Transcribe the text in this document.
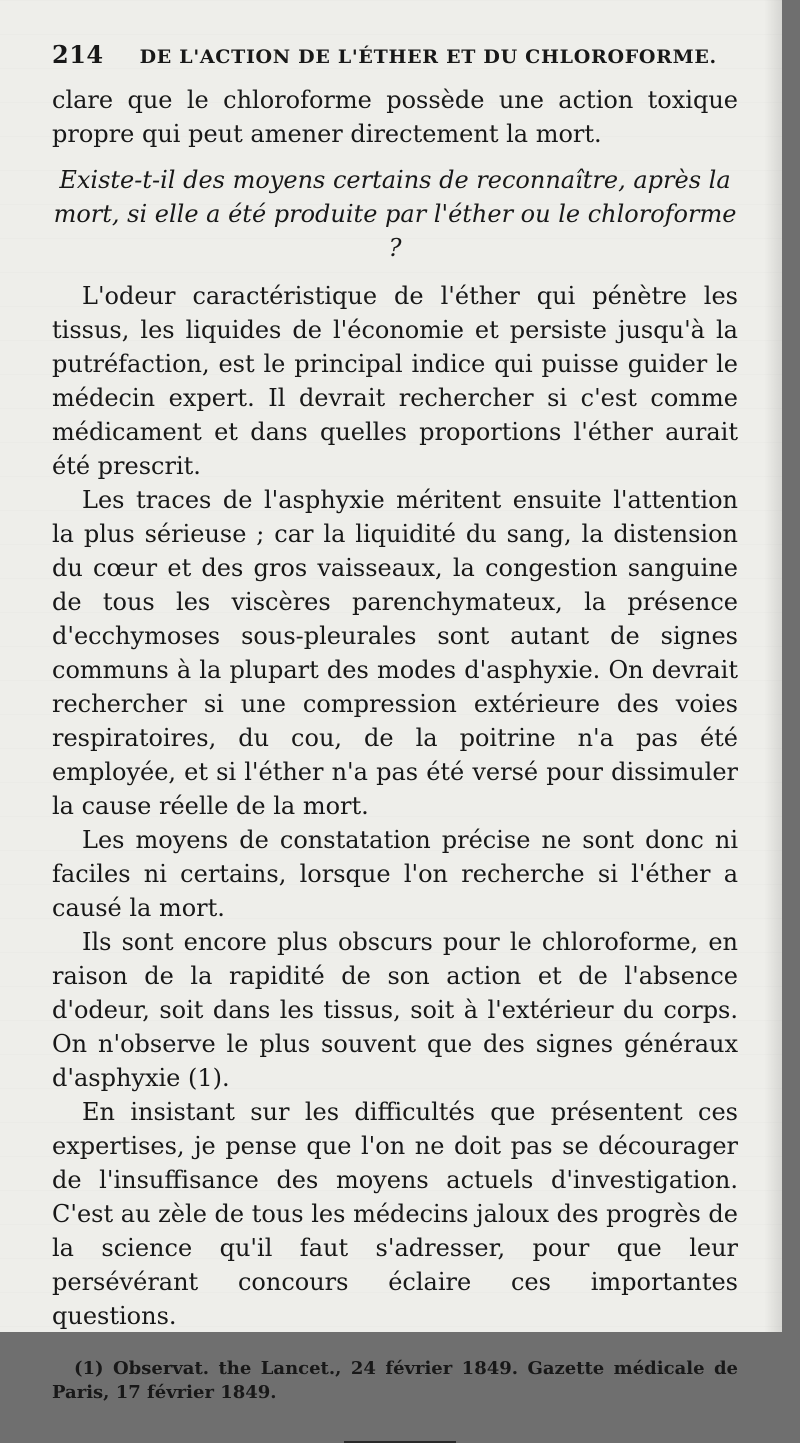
214 DE L'ACTION DE L'ÉTHER ET DU CHLOROFORME.

clare que le chloroforme possède une action toxique propre qui peut amener directement la mort.

Existe-t-il des moyens certains de reconnaître, après la mort, si elle a été produite par l'éther ou le chloroforme ?

L'odeur caractéristique de l'éther qui pénètre les tissus, les liquides de l'économie et persiste jusqu'à la putréfaction, est le principal indice qui puisse guider le médecin expert. Il devrait rechercher si c'est comme médicament et dans quelles proportions l'éther aurait été prescrit.

Les traces de l'asphyxie méritent ensuite l'attention la plus sérieuse ; car la liquidité du sang, la distension du cœur et des gros vaisseaux, la congestion sanguine de tous les viscères parenchymateux, la présence d'ecchymoses sous-pleurales sont autant de signes communs à la plupart des modes d'asphyxie. On devrait rechercher si une compression extérieure des voies respiratoires, du cou, de la poitrine n'a pas été employée, et si l'éther n'a pas été versé pour dissimuler la cause réelle de la mort.

Les moyens de constatation précise ne sont donc ni faciles ni certains, lorsque l'on recherche si l'éther a causé la mort.

Ils sont encore plus obscurs pour le chloroforme, en raison de la rapidité de son action et de l'absence d'odeur, soit dans les tissus, soit à l'extérieur du corps. On n'observe le plus souvent que des signes généraux d'asphyxie (1).

En insistant sur les difficultés que présentent ces expertises, je pense que l'on ne doit pas se décourager de l'insuffisance des moyens actuels d'investigation. C'est au zèle de tous les médecins jaloux des progrès de la science qu'il faut s'adresser, pour que leur persévérant concours éclaire ces importantes questions.

(1) Observat. the Lancet., 24 février 1849. Gazette médicale de Paris, 17 février 1849.
